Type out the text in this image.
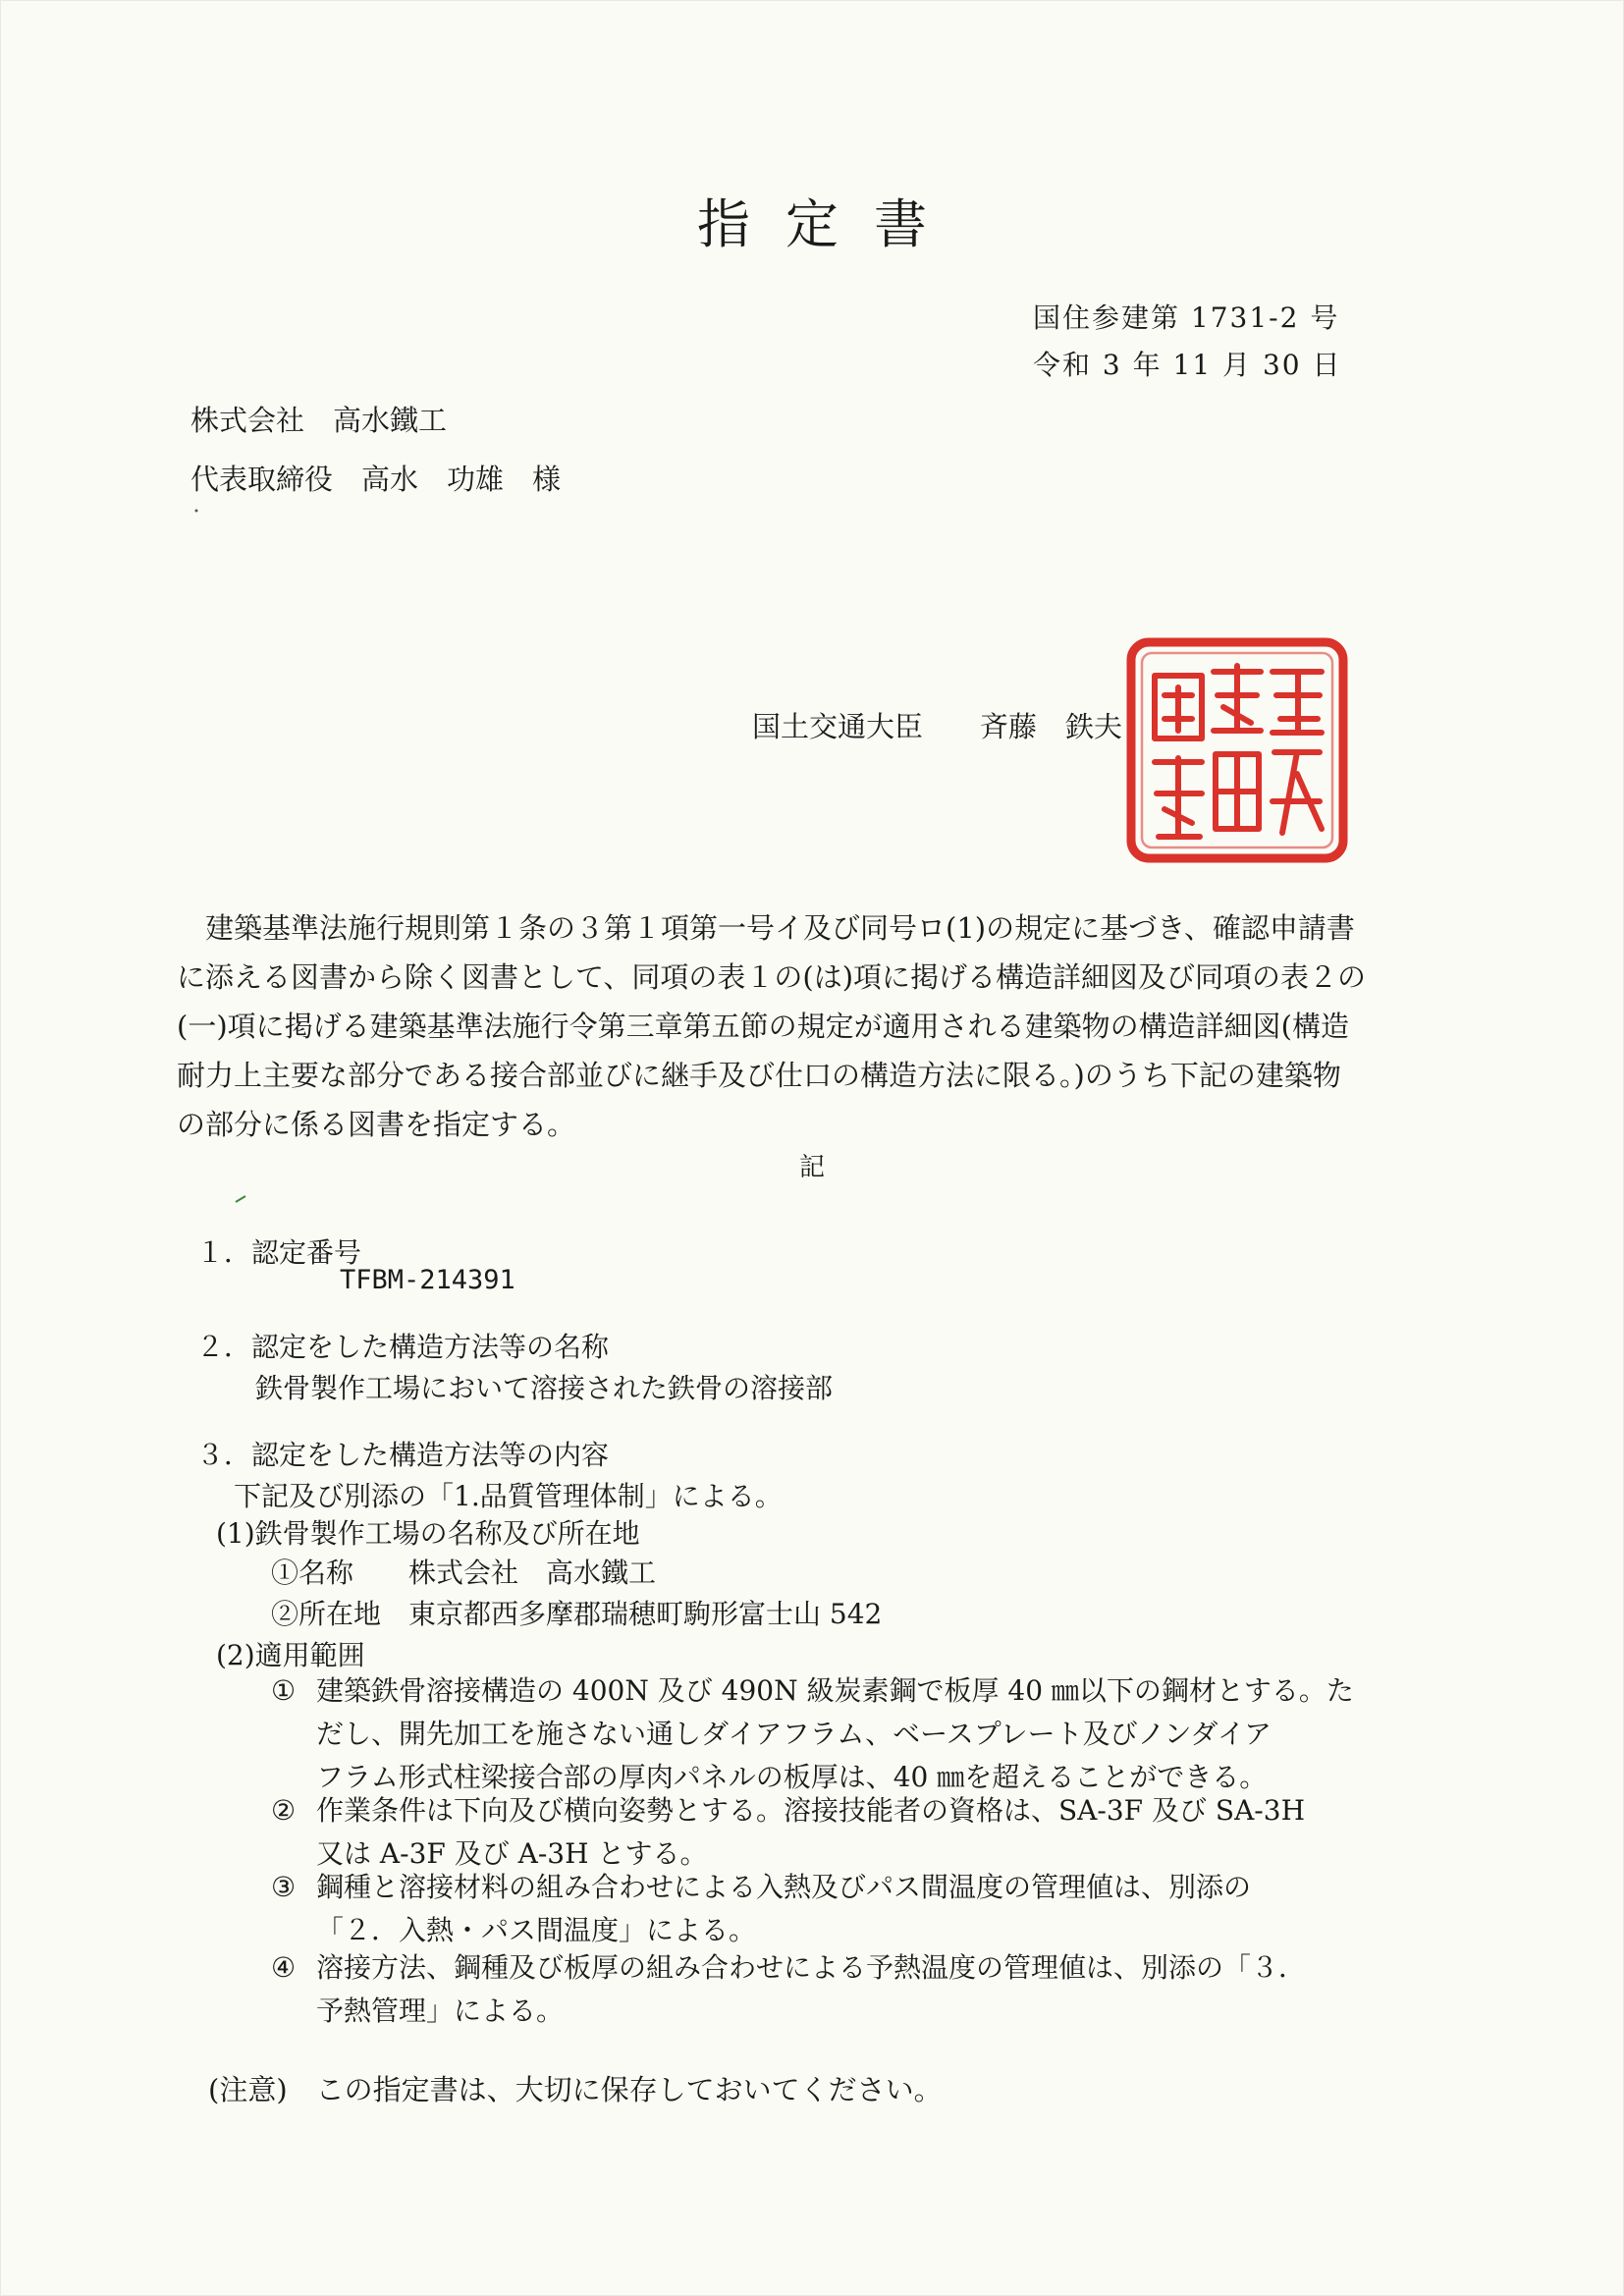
指定書
国住参建第 1731-2 号
令和 3 年 11 月 30 日
株式会社　高水鐵工
代表取締役　高水　功雄　様
国土交通大臣　　斉藤　鉄夫
　建築基準法施行規則第１条の３第１項第一号イ及び同号ロ(1)の規定に基づき、確認申請書
に添える図書から除く図書として、同項の表１の(は)項に掲げる構造詳細図及び同項の表２の
(一)項に掲げる建築基準法施行令第三章第五節の規定が適用される建築物の構造詳細図(構造
耐力上主要な部分である接合部並びに継手及び仕口の構造方法に限る。)のうち下記の建築物
の部分に係る図書を指定する。
記
１．認定番号
TFBM-214391
２．認定をした構造方法等の名称
鉄骨製作工場において溶接された鉄骨の溶接部
３．認定をした構造方法等の内容
下記及び別添の「1.品質管理体制」による。
(1)鉄骨製作工場の名称及び所在地
①名称　　株式会社　高水鐵工
②所在地　東京都西多摩郡瑞穂町駒形富士山 542
(2)適用範囲
① 建築鉄骨溶接構造の 400N 及び 490N 級炭素鋼で板厚 40 ㎜以下の鋼材とする。た
だし、開先加工を施さない通しダイアフラム、ベースプレート及びノンダイア
フラム形式柱梁接合部の厚肉パネルの板厚は、40 ㎜を超えることができる。
② 作業条件は下向及び横向姿勢とする。溶接技能者の資格は、SA-3F 及び SA-3H
又は A-3F 及び A-3H とする。
③ 鋼種と溶接材料の組み合わせによる入熱及びパス間温度の管理値は、別添の
「２．入熱・パス間温度」による。
④ 溶接方法、鋼種及び板厚の組み合わせによる予熱温度の管理値は、別添の「３．
予熱管理」による。
(注意)　この指定書は、大切に保存しておいてください。
